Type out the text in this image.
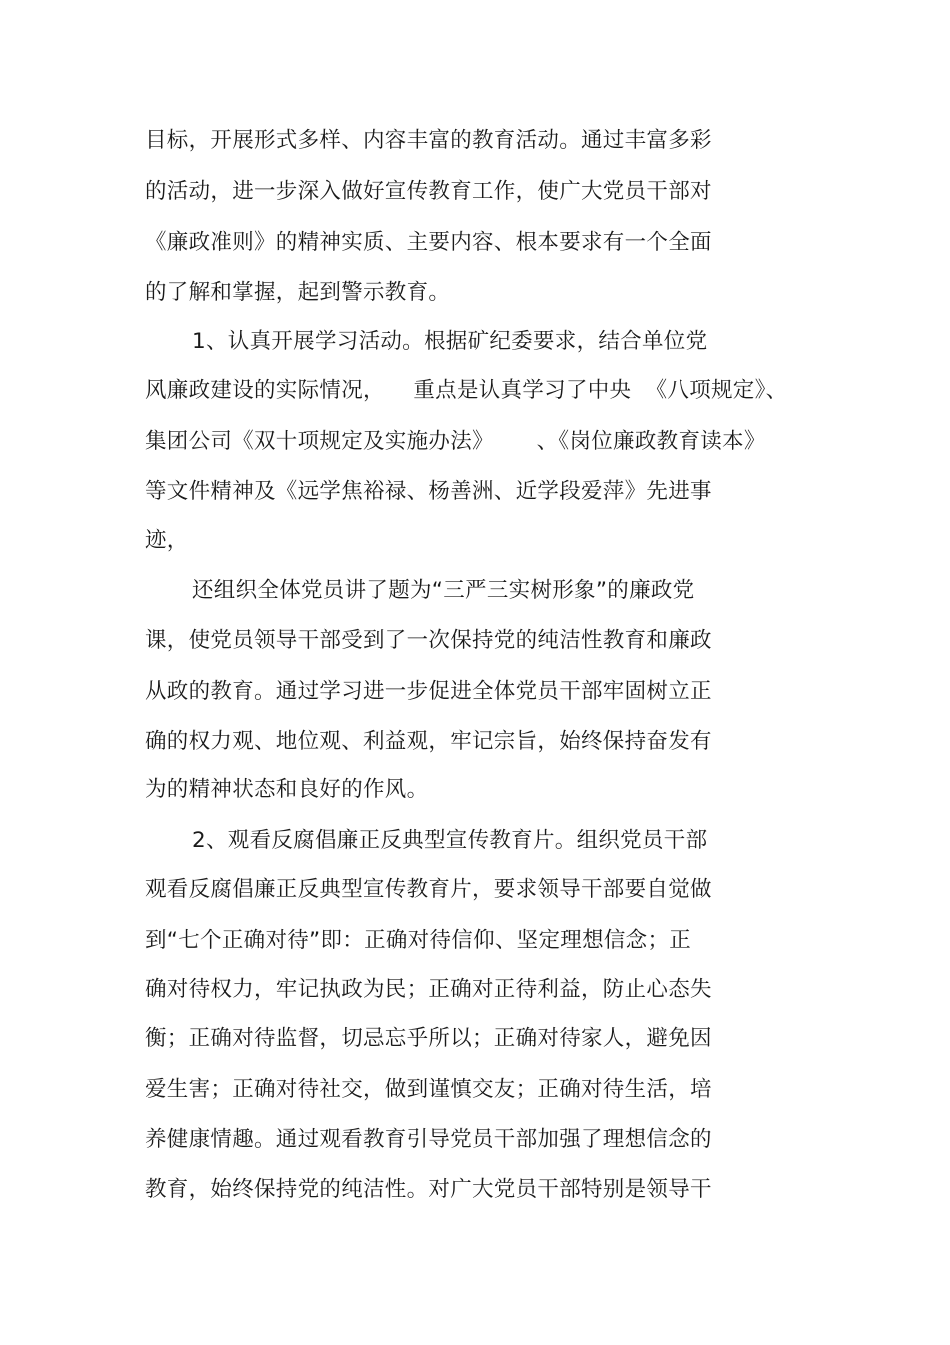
目标，开展形式多样、内容丰富的教育活动。通过丰富多彩
的活动，进一步深入做好宣传教育工作，使广大党员干部对
《廉政准则》的精神实质、主要内容、根本要求有一个全面
的了解和掌握，起到警示教育。
1、认真开展学习活动。根据矿纪委要求，结合单位党
风廉政建设的实际情况，    重点是认真学习了中央  《八项规定》、
集团公司《双十项规定及实施办法》      、《岗位廉政教育读本》
等文件精神及《远学焦裕禄、杨善洲、近学段爱萍》先进事
迹，
还组织全体党员讲了题为“三严三实树形象”的廉政党
课，使党员领导干部受到了一次保持党的纯洁性教育和廉政
从政的教育。通过学习进一步促进全体党员干部牢固树立正
确的权力观、地位观、利益观，牢记宗旨，始终保持奋发有
为的精神状态和良好的作风。
2、观看反腐倡廉正反典型宣传教育片。组织党员干部
观看反腐倡廉正反典型宣传教育片，要求领导干部要自觉做
到“七个正确对待”即：正确对待信仰、坚定理想信念；正
确对待权力，牢记执政为民；正确对正待利益，防止心态失
衡；正确对待监督，切忌忘乎所以；正确对待家人，避免因
爱生害；正确对待社交，做到谨慎交友；正确对待生活，培
养健康情趣。通过观看教育引导党员干部加强了理想信念的
教育，始终保持党的纯洁性。对广大党员干部特别是领导干
